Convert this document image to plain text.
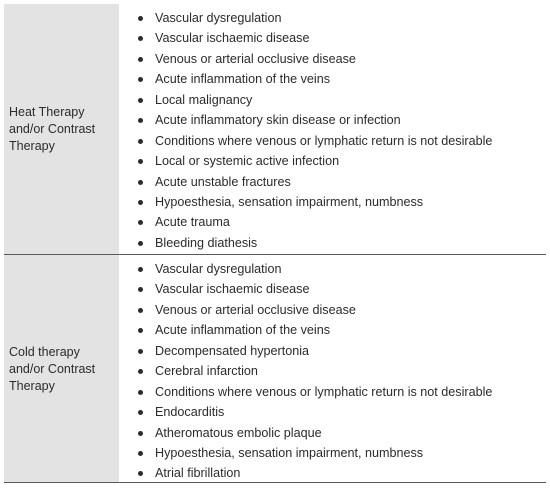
Heat Therapy
and/or Contrast
Therapy
Vascular dysregulation
Vascular ischaemic disease
Venous or arterial occlusive disease
Acute inflammation of the veins
Local malignancy
Acute inflammatory skin disease or infection
Conditions where venous or lymphatic return is not desirable
Local or systemic active infection
Acute unstable fractures
Hypoesthesia, sensation impairment, numbness
Acute trauma
Bleeding diathesis
Cold therapy
and/or Contrast
Therapy
Vascular dysregulation
Vascular ischaemic disease
Venous or arterial occlusive disease
Acute inflammation of the veins
Decompensated hypertonia
Cerebral infarction
Conditions where venous or lymphatic return is not desirable
Endocarditis
Atheromatous embolic plaque
Hypoesthesia, sensation impairment, numbness
Atrial fibrillation
